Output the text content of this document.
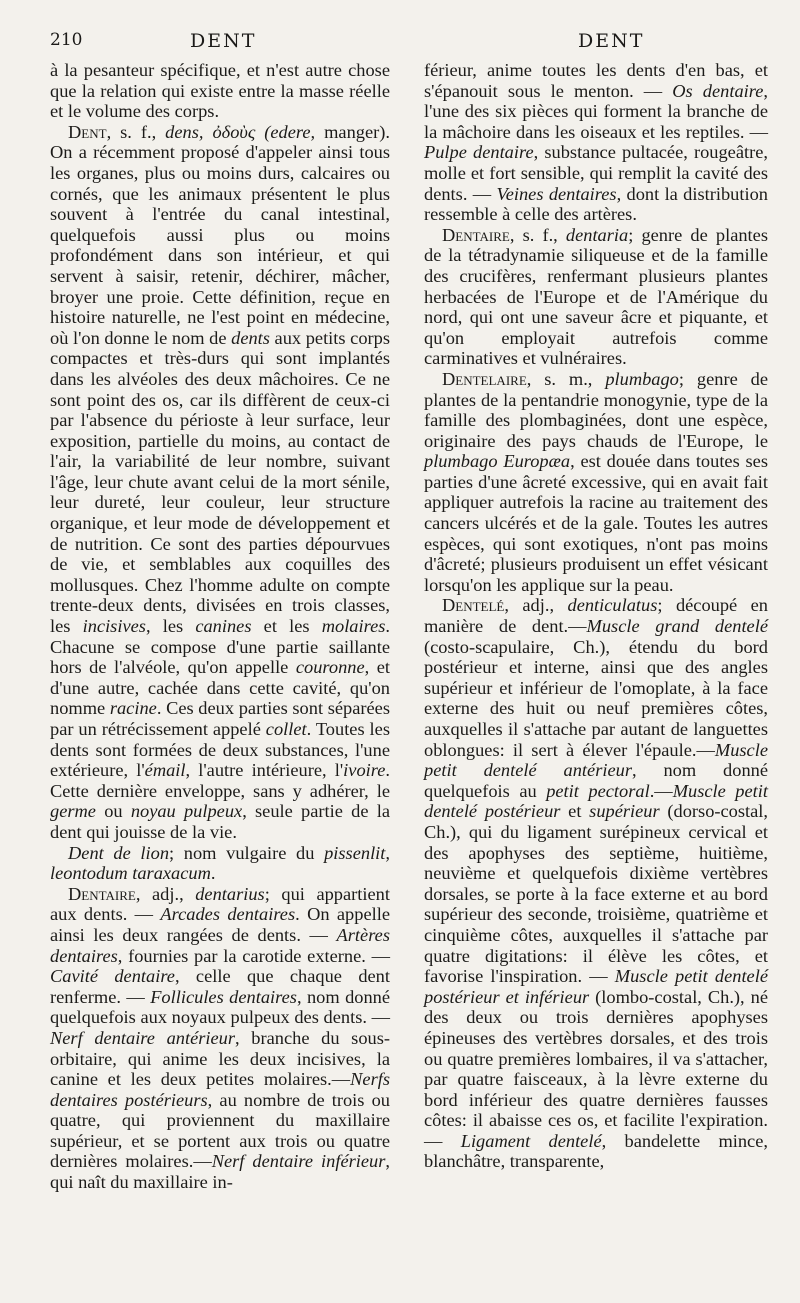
210	DENT	DENT

à la pesanteur spécifique, et n'est autre chose que la relation qui existe entre la masse réelle et le volume des corps.

Dent, s. f., dens, ὀδοὺς (edere, manger). On a récemment proposé d'appeler ainsi tous les organes, plus ou moins durs, calcaires ou cornés, que les animaux présentent le plus souvent à l'entrée du canal intestinal, quelquefois aussi plus ou moins profondément dans son intérieur, et qui servent à saisir, retenir, déchirer, mâcher, broyer une proie. Cette définition, reçue en histoire naturelle, ne l'est point en médecine, où l'on donne le nom de dents aux petits corps compactes et très-durs qui sont implantés dans les alvéoles des deux mâchoires. Ce ne sont point des os, car ils diffèrent de ceux-ci par l'absence du périoste à leur surface, leur exposition, partielle du moins, au contact de l'air, la variabilité de leur nombre, suivant l'âge, leur chute avant celui de la mort sénile, leur dureté, leur couleur, leur structure organique, et leur mode de développement et de nutrition. Ce sont des parties dépourvues de vie, et semblables aux coquilles des mollusques. Chez l'homme adulte on compte trente-deux dents, divisées en trois classes, les incisives, les canines et les molaires. Chacune se compose d'une partie saillante hors de l'alvéole, qu'on appelle couronne, et d'une autre, cachée dans cette cavité, qu'on nomme racine. Ces deux parties sont séparées par un rétrécissement appelé collet. Toutes les dents sont formées de deux substances, l'une extérieure, l'émail, l'autre intérieure, l'ivoire. Cette dernière enveloppe, sans y adhérer, le germe ou noyau pulpeux, seule partie de la dent qui jouisse de la vie.

Dent de lion; nom vulgaire du pissenlit, leontodum taraxacum.

Dentaire, adj., dentarius; qui appartient aux dents. — Arcades dentaires. On appelle ainsi les deux rangées de dents. — Artères dentaires, fournies par la carotide externe. — Cavité dentaire, celle que chaque dent renferme. — Follicules dentaires, nom donné quelquefois aux noyaux pulpeux des dents. — Nerf dentaire antérieur, branche du sous-orbitaire, qui anime les deux incisives, la canine et les deux petites molaires.—Nerfs dentaires postérieurs, au nombre de trois ou quatre, qui proviennent du maxillaire supérieur, et se portent aux trois ou quatre dernières molaires.—Nerf dentaire inférieur, qui naît du maxillaire in-

férieur, anime toutes les dents d'en bas, et s'épanouit sous le menton. — Os dentaire, l'une des six pièces qui forment la branche de la mâchoire dans les oiseaux et les reptiles. — Pulpe dentaire, substance pultacée, rougeâtre, molle et fort sensible, qui remplit la cavité des dents. — Veines dentaires, dont la distribution ressemble à celle des artères.

Dentaire, s. f., dentaria; genre de plantes de la tétradynamie siliqueuse et de la famille des crucifères, renfermant plusieurs plantes herbacées de l'Europe et de l'Amérique du nord, qui ont une saveur âcre et piquante, et qu'on employait autrefois comme carminatives et vulnéraires.

Dentelaire, s. m., plumbago; genre de plantes de la pentandrie monogynie, type de la famille des plombaginées, dont une espèce, originaire des pays chauds de l'Europe, le plumbago Europæa, est douée dans toutes ses parties d'une âcreté excessive, qui en avait fait appliquer autrefois la racine au traitement des cancers ulcérés et de la gale. Toutes les autres espèces, qui sont exotiques, n'ont pas moins d'âcreté; plusieurs produisent un effet vésicant lorsqu'on les applique sur la peau.

Dentelé, adj., denticulatus; découpé en manière de dent.—Muscle grand dentelé (costo-scapulaire, Ch.), étendu du bord postérieur et interne, ainsi que des angles supérieur et inférieur de l'omoplate, à la face externe des huit ou neuf premières côtes, auxquelles il s'attache par autant de languettes oblongues: il sert à élever l'épaule.—Muscle petit dentelé antérieur, nom donné quelquefois au petit pectoral.—Muscle petit dentelé postérieur et supérieur (dorso-costal, Ch.), qui du ligament surépineux cervical et des apophyses des septième, huitième, neuvième et quelquefois dixième vertèbres dorsales, se porte à la face externe et au bord supérieur des seconde, troisième, quatrième et cinquième côtes, auxquelles il s'attache par quatre digitations: il élève les côtes, et favorise l'inspiration. — Muscle petit dentelé postérieur et inférieur (lombo-costal, Ch.), né des deux ou trois dernières apophyses épineuses des vertèbres dorsales, et des trois ou quatre premières lombaires, il va s'attacher, par quatre faisceaux, à la lèvre externe du bord inférieur des quatre dernières fausses côtes: il abaisse ces os, et facilite l'expiration.— Ligament dentelé, bandelette mince, blanchâtre, transparente,
